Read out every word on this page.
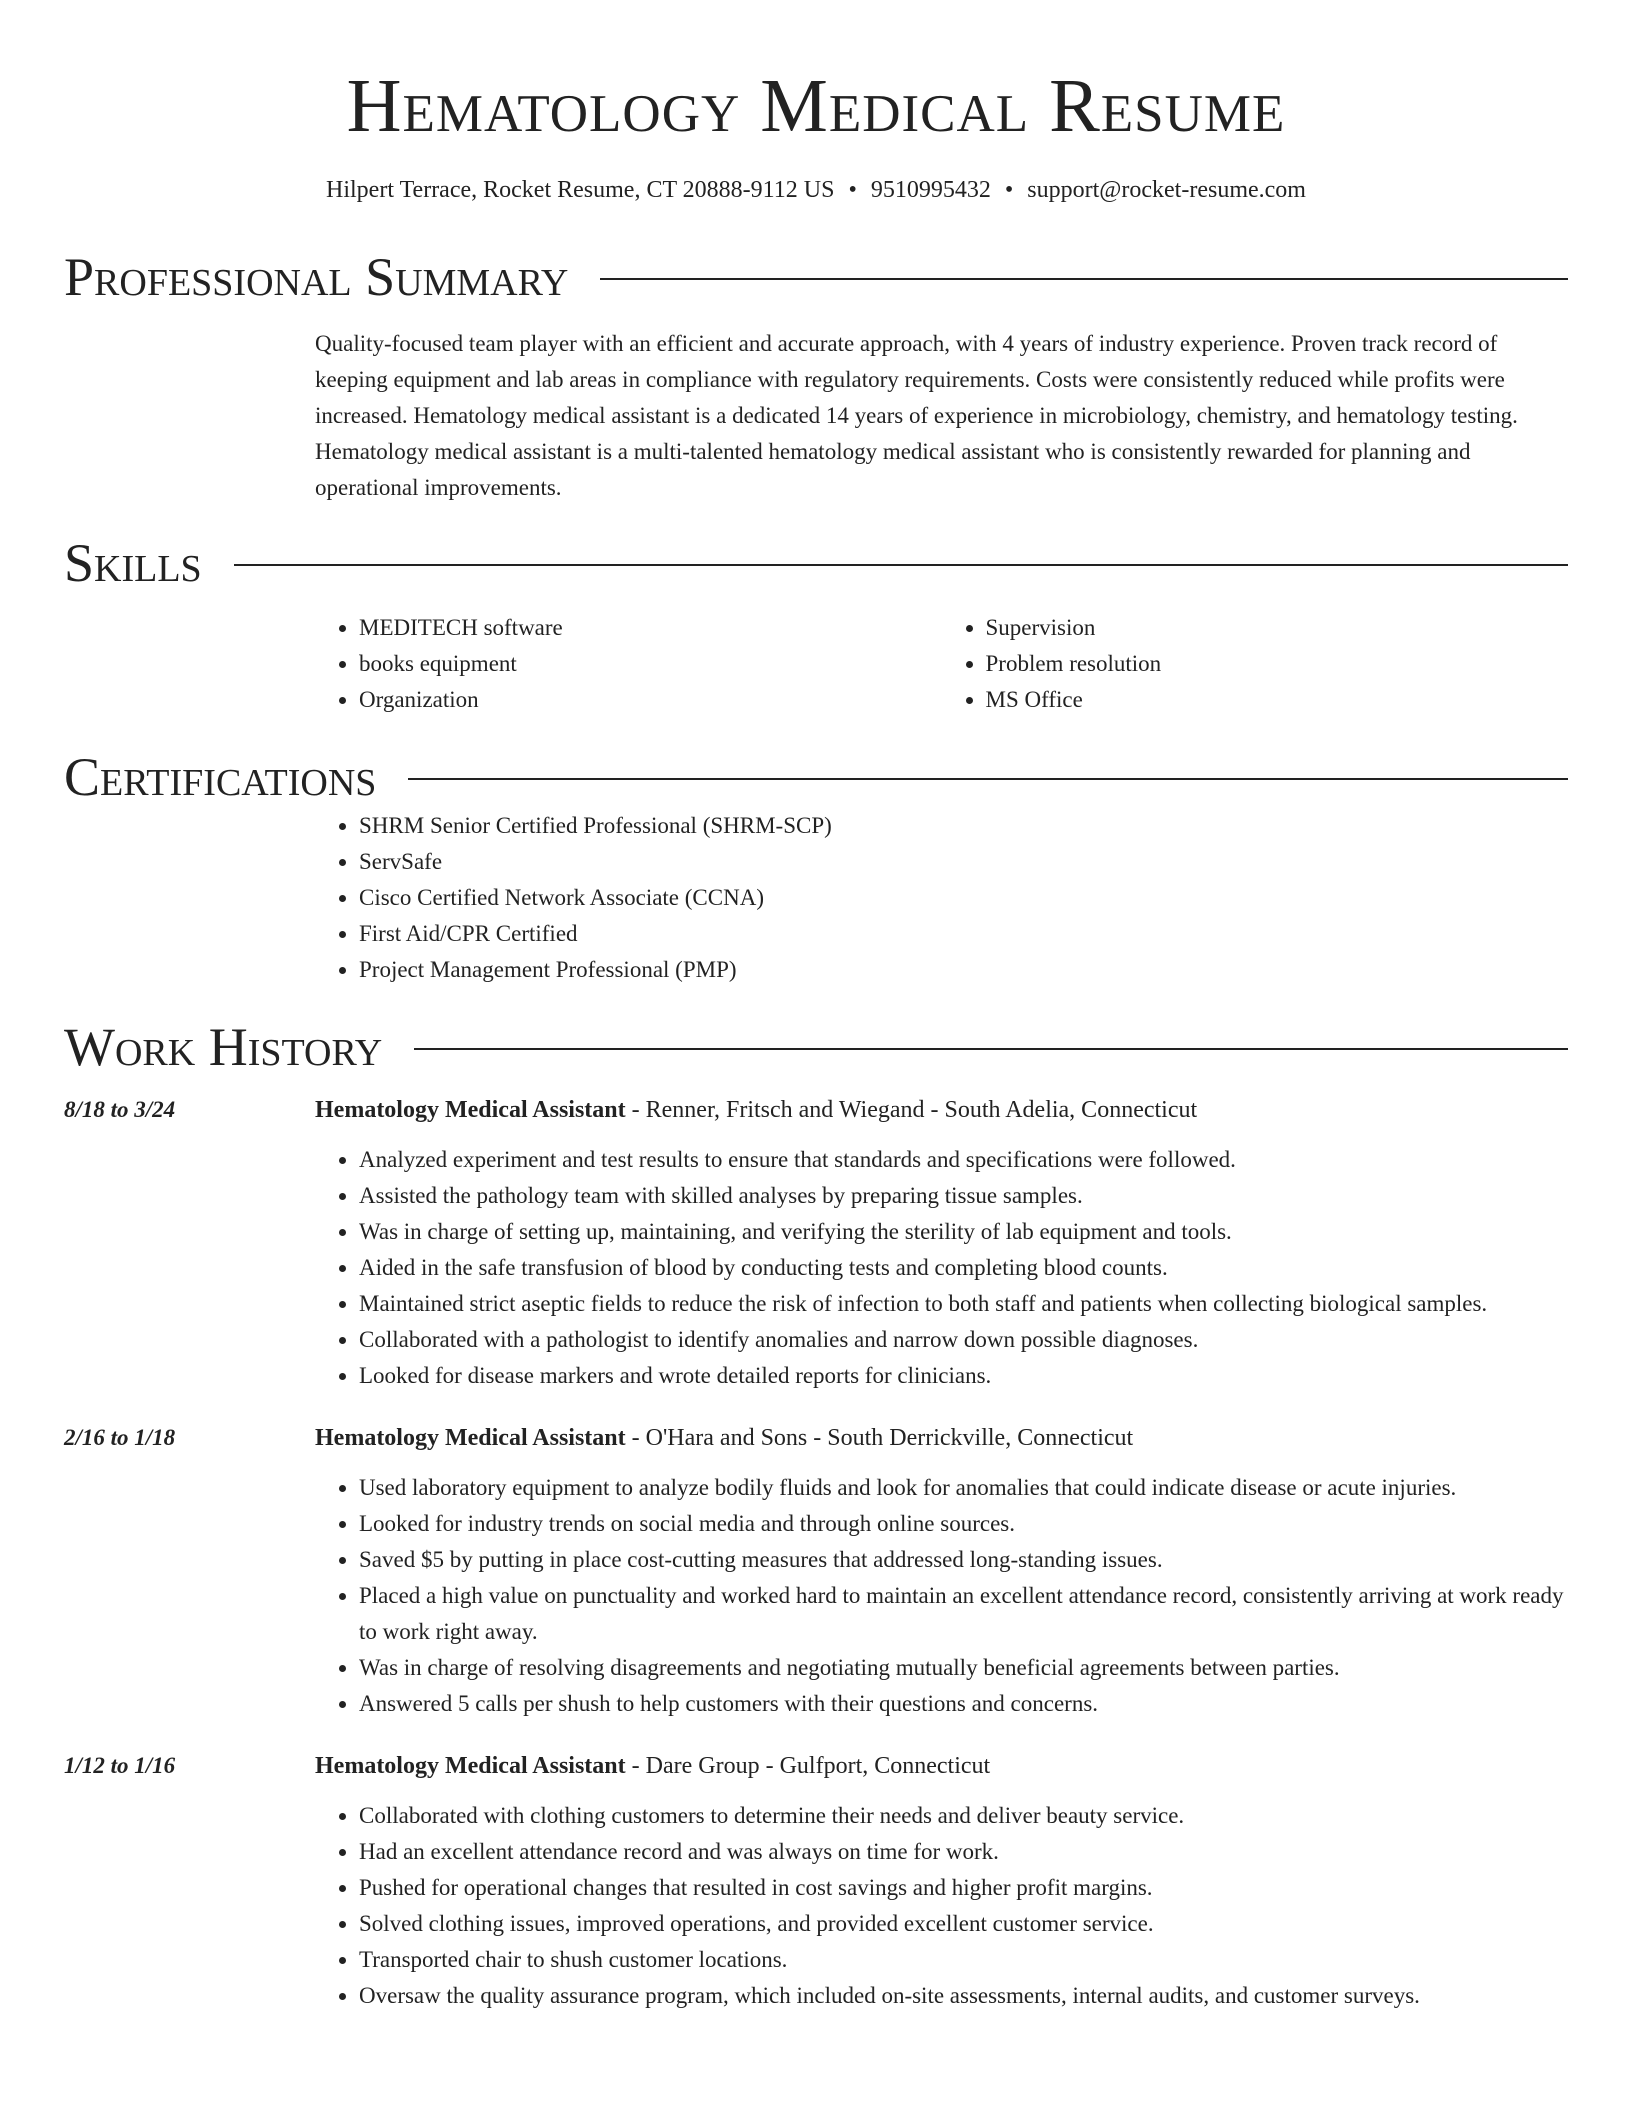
Hematology Medical Resume
Hilpert Terrace, Rocket Resume, CT 20888-9112 US • 9510995432 • support@rocket-resume.com
Professional Summary

Quality-focused team player with an efficient and accurate approach, with 4 years of industry experience. Proven track record of keeping equipment and lab areas in compliance with regulatory requirements. Costs were consistently reduced while profits were increased. Hematology medical assistant is a dedicated 14 years of experience in microbiology, chemistry, and hematology testing. Hematology medical assistant is a multi-talented hematology medical assistant who is consistently rewarded for planning and operational improvements.

Skills
• MEDITECH software
• books equipment
• Organization
• Supervision
• Problem resolution
• MS Office
Certifications
• SHRM Senior Certified Professional (SHRM-SCP)
• ServSafe
• Cisco Certified Network Associate (CCNA)
• First Aid/CPR Certified
• Project Management Professional (PMP)
Work History
8/18 to 3/24	Hematology Medical Assistant - Renner, Fritsch and Wiegand - South Adelia, Connecticut
• Analyzed experiment and test results to ensure that standards and specifications were followed.
• Assisted the pathology team with skilled analyses by preparing tissue samples.
• Was in charge of setting up, maintaining, and verifying the sterility of lab equipment and tools.
• Aided in the safe transfusion of blood by conducting tests and completing blood counts.
• Maintained strict aseptic fields to reduce the risk of infection to both staff and patients when collecting biological samples.
• Collaborated with a pathologist to identify anomalies and narrow down possible diagnoses.
• Looked for disease markers and wrote detailed reports for clinicians.
2/16 to 1/18	Hematology Medical Assistant - O'Hara and Sons - South Derrickville, Connecticut
• Used laboratory equipment to analyze bodily fluids and look for anomalies that could indicate disease or acute injuries.
• Looked for industry trends on social media and through online sources.
• Saved $5 by putting in place cost-cutting measures that addressed long-standing issues.
• Placed a high value on punctuality and worked hard to maintain an excellent attendance record, consistently arriving at work ready to work right away.
• Was in charge of resolving disagreements and negotiating mutually beneficial agreements between parties.
• Answered 5 calls per shush to help customers with their questions and concerns.
1/12 to 1/16	Hematology Medical Assistant - Dare Group - Gulfport, Connecticut
• Collaborated with clothing customers to determine their needs and deliver beauty service.
• Had an excellent attendance record and was always on time for work.
• Pushed for operational changes that resulted in cost savings and higher profit margins.
• Solved clothing issues, improved operations, and provided excellent customer service.
• Transported chair to shush customer locations.
• Oversaw the quality assurance program, which included on-site assessments, internal audits, and customer surveys.
